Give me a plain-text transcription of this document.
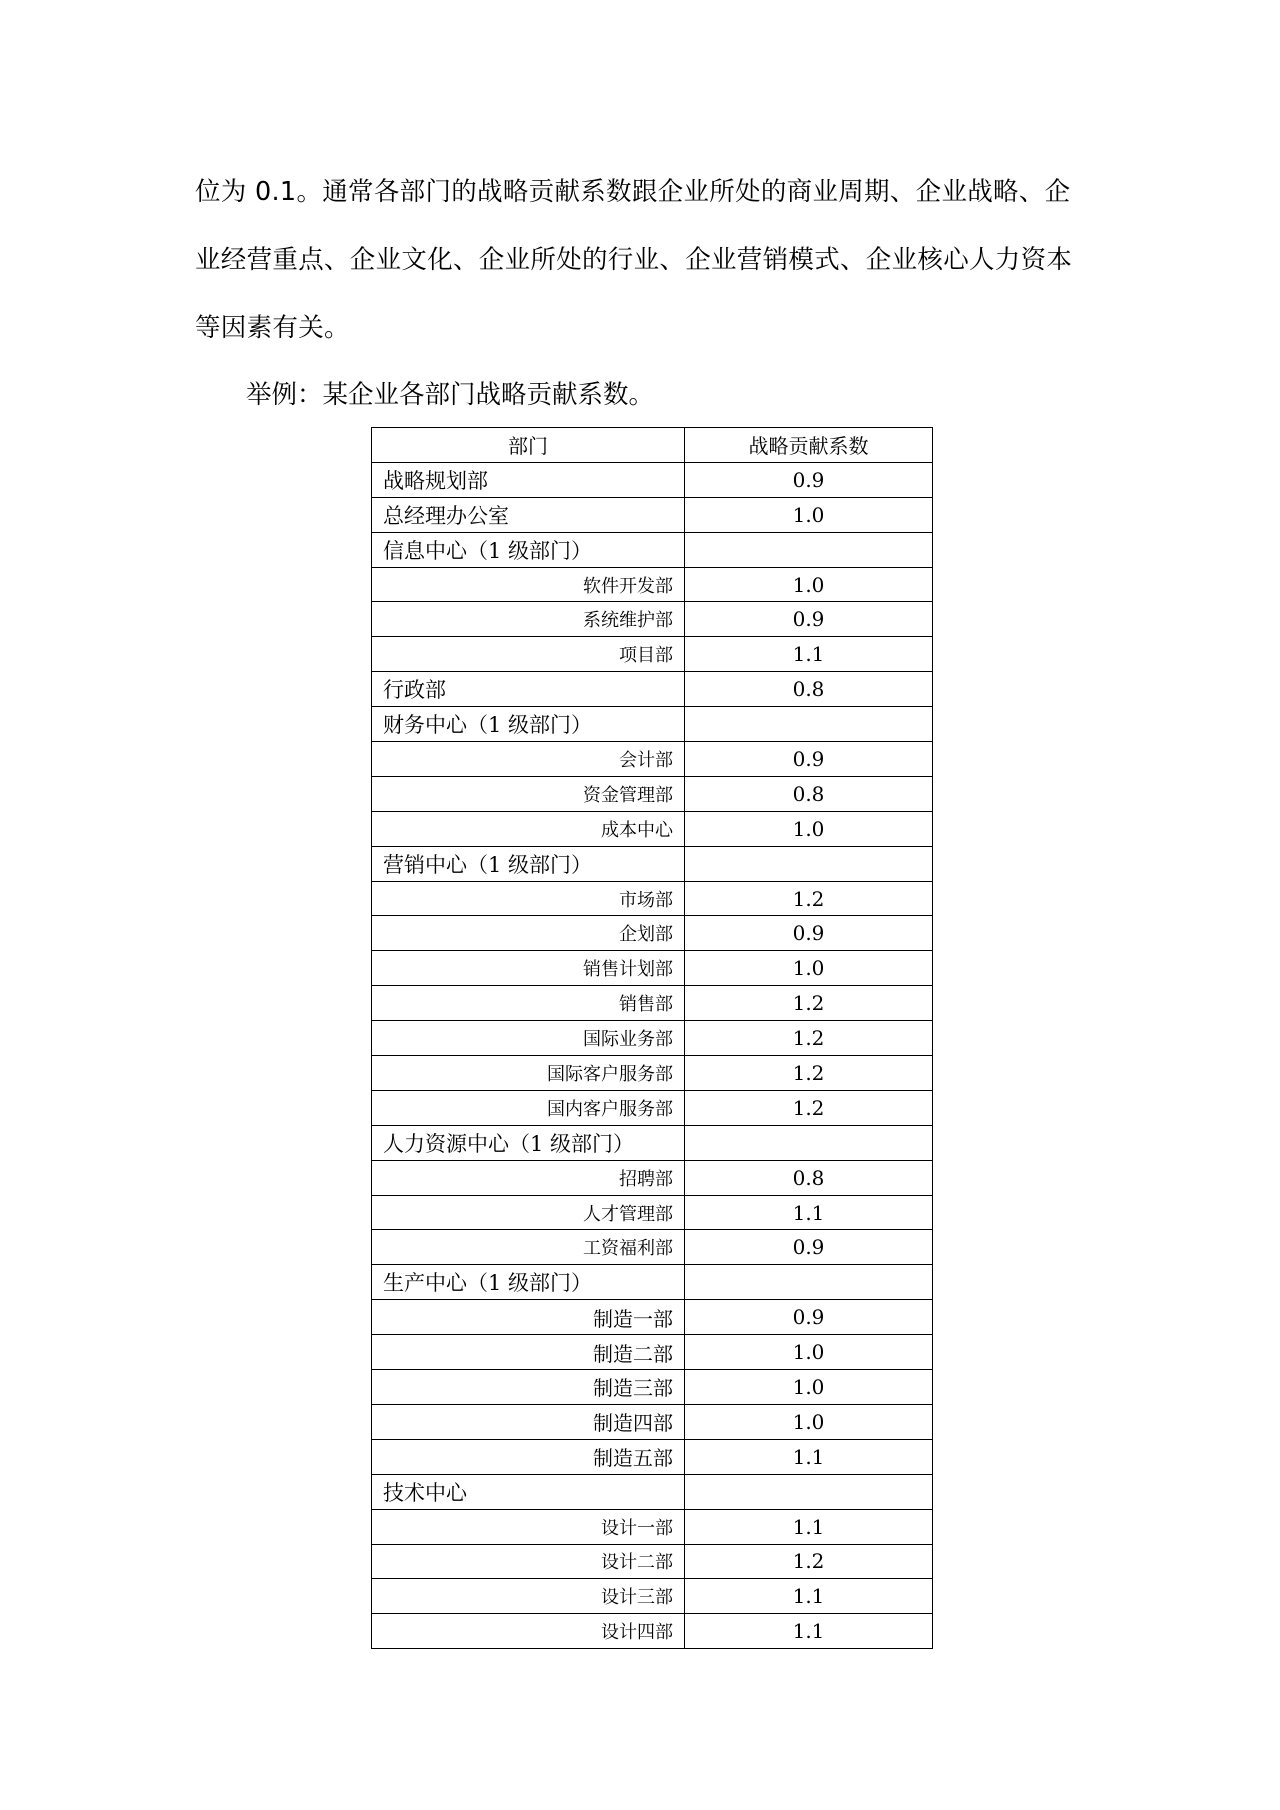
位为 0.1。通常各部门的战略贡献系数跟企业所处的商业周期、企业战略、企业经营重点、企业文化、企业所处的行业、企业营销模式、企业核心人力资本等因素有关。
举例：某企业各部门战略贡献系数。
部门	战略贡献系数
战略规划部	0.9
总经理办公室	1.0
信息中心（1 级部门）	
软件开发部	1.0
系统维护部	0.9
项目部	1.1
行政部	0.8
财务中心（1 级部门）	
会计部	0.9
资金管理部	0.8
成本中心	1.0
营销中心（1 级部门）	
市场部	1.2
企划部	0.9
销售计划部	1.0
销售部	1.2
国际业务部	1.2
国际客户服务部	1.2
国内客户服务部	1.2
人力资源中心（1 级部门）	
招聘部	0.8
人才管理部	1.1
工资福利部	0.9
生产中心（1 级部门）	
制造一部	0.9
制造二部	1.0
制造三部	1.0
制造四部	1.0
制造五部	1.1
技术中心	
设计一部	1.1
设计二部	1.2
设计三部	1.1
设计四部	1.1
